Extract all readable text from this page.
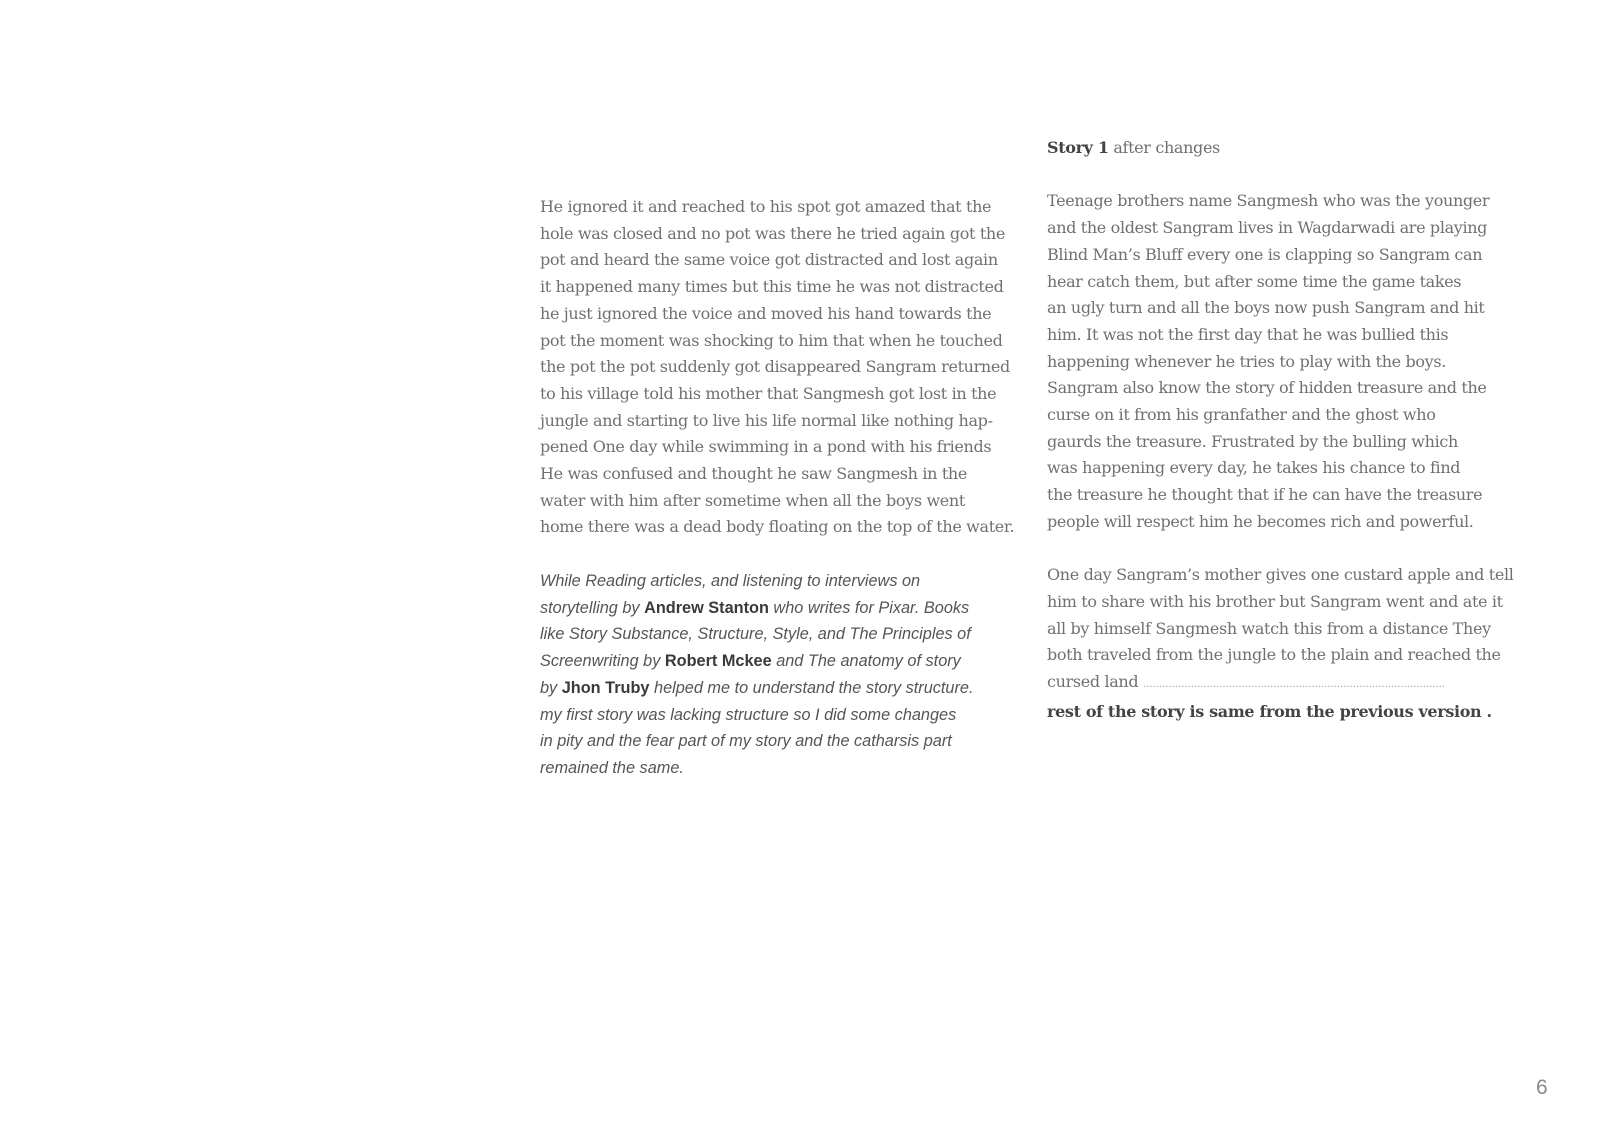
He ignored it and reached to his spot got amazed that the
hole was closed and no pot was there he tried again got the
pot and heard the same voice got distracted and lost again
it happened many times but this time he was not distracted
he just ignored the voice and moved his hand towards the
pot the moment was shocking to him that when he touched
the pot the pot suddenly got disappeared Sangram returned
to his village told his mother that Sangmesh got lost in the
jungle and starting to live his life normal like nothing hap-
pened One day while swimming in a pond with his friends
He was confused and thought he saw Sangmesh in the
water with him after sometime when all the boys went
home there was a dead body floating on the top of the water.
While Reading articles, and listening to interviews on
storytelling by Andrew Stanton who writes for Pixar. Books
like Story Substance, Structure, Style, and The Principles of
Screenwriting by Robert Mckee and The anatomy of story
by Jhon Truby helped me to understand the story structure.
my first story was lacking structure so I did some changes
in pity and the fear part of my story and the catharsis part
remained the same.
Story 1 after changes
Teenage brothers name Sangmesh who was the younger
and the oldest Sangram lives in Wagdarwadi are playing
Blind Man’s Bluff every one is clapping so Sangram can
hear catch them, but after some time the game takes
an ugly turn and all the boys now push Sangram and hit
him. It was not the first day that he was bullied this
happening whenever he tries to play with the boys.
Sangram also know the story of hidden treasure and the
curse on it from his granfather and the ghost who
gaurds the treasure. Frustrated by the bulling which
was happening every day, he takes his chance to find
the treasure he thought that if he can have the treasure
people will respect him he becomes rich and powerful.
One day Sangram’s mother gives one custard apple and tell
him to share with his brother but Sangram went and ate it
all by himself Sangmesh watch this from a distance They
both traveled from the jungle to the plain and reached the
cursed land ...............................................................................................
rest of the story is same from the previous version .
6
